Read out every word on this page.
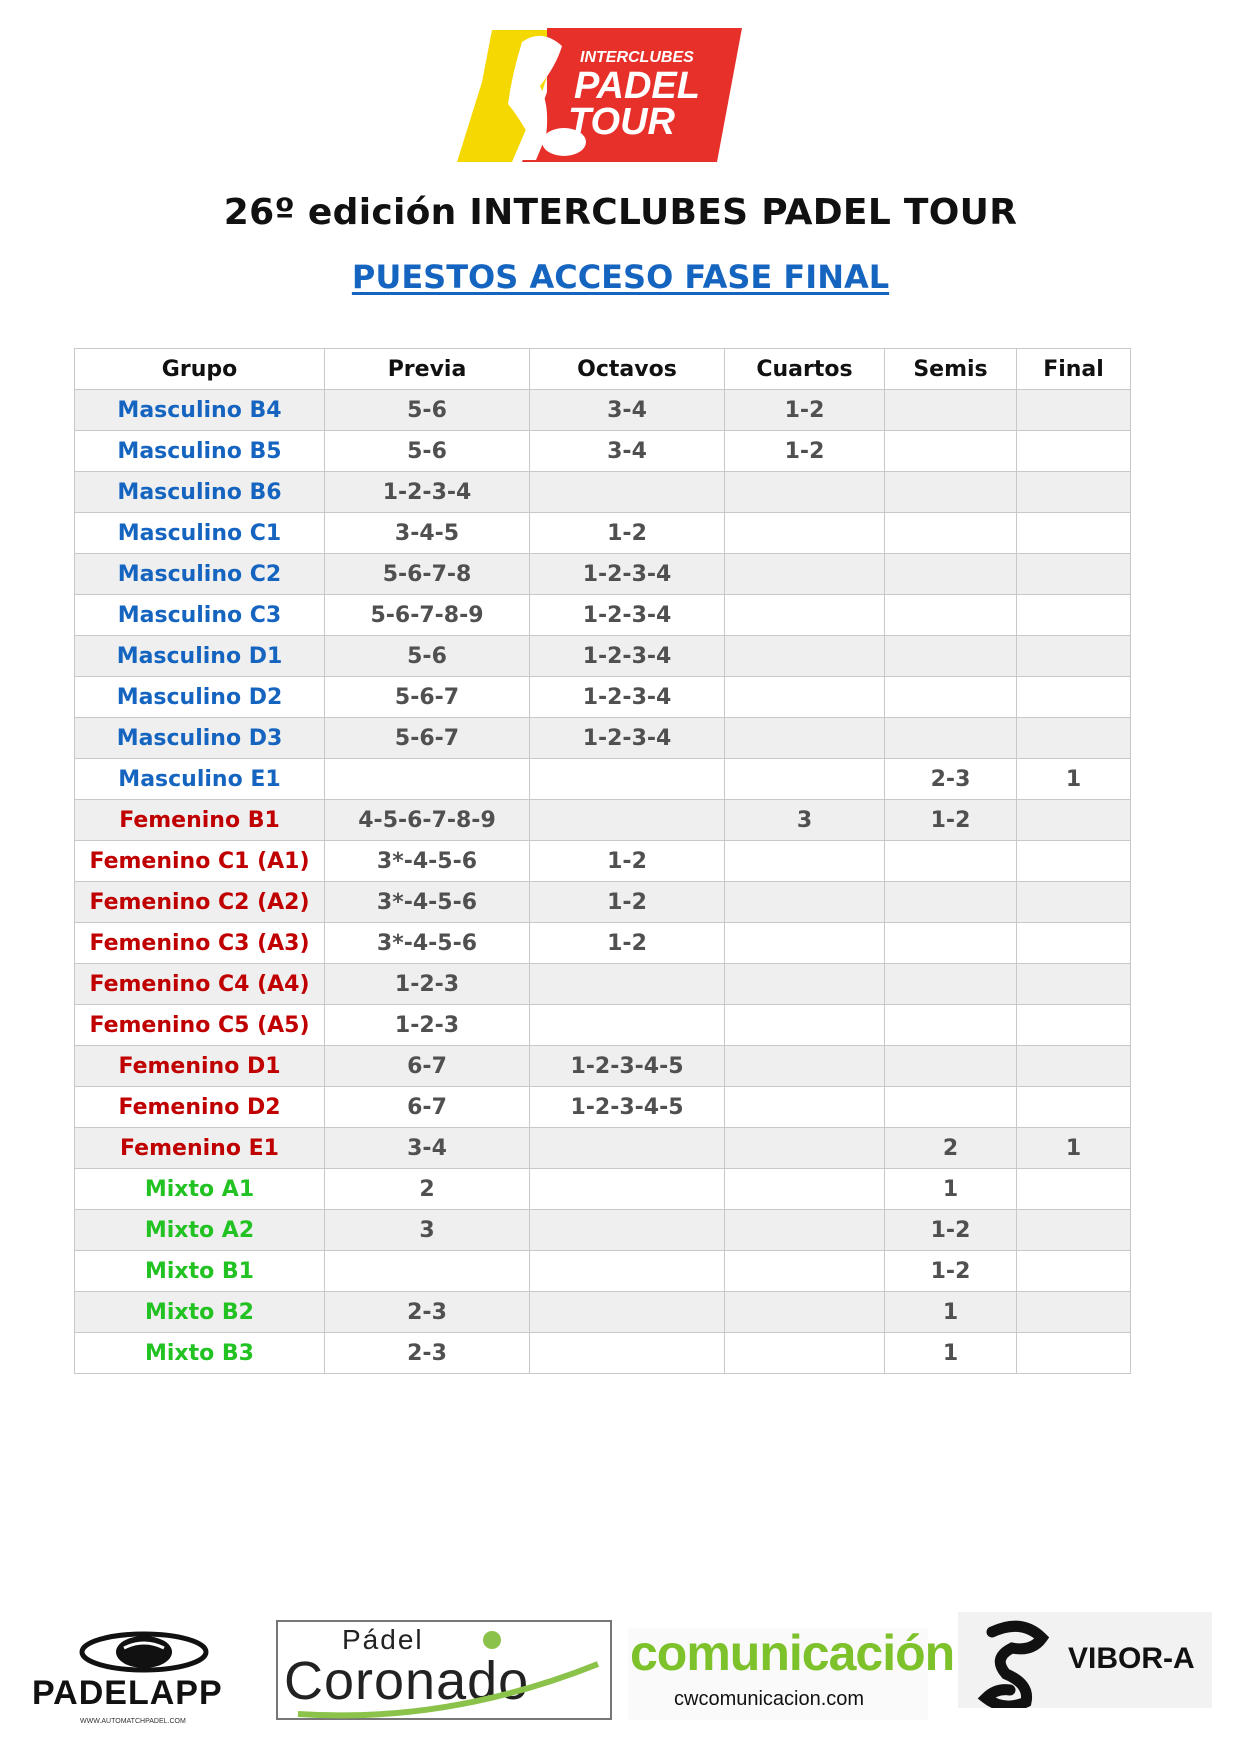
INTERCLUBES
PADEL
TOUR
26º edición INTERCLUBES PADEL TOUR
PUESTOS ACCESO FASE FINAL
Grupo	Previa	Octavos	Cuartos	Semis	Final
Masculino B4	5-6	3-4	1-2		
Masculino B5	5-6	3-4	1-2		
Masculino B6	1-2-3-4				
Masculino C1	3-4-5	1-2			
Masculino C2	5-6-7-8	1-2-3-4			
Masculino C3	5-6-7-8-9	1-2-3-4			
Masculino D1	5-6	1-2-3-4			
Masculino D2	5-6-7	1-2-3-4			
Masculino D3	5-6-7	1-2-3-4			
Masculino E1				2-3	1
Femenino B1	4-5-6-7-8-9		3	1-2	
Femenino C1 (A1)	3*-4-5-6	1-2			
Femenino C2 (A2)	3*-4-5-6	1-2			
Femenino C3 (A3)	3*-4-5-6	1-2			
Femenino C4 (A4)	1-2-3				
Femenino C5 (A5)	1-2-3				
Femenino D1	6-7	1-2-3-4-5			
Femenino D2	6-7	1-2-3-4-5			
Femenino E1	3-4			2	1
Mixto A1	2			1	
Mixto A2	3			1-2	
Mixto B1				1-2	
Mixto B2	2-3			1	
Mixto B3	2-3			1	
PADELAPP
WWW.AUTOMATCHPADEL.COM
Pádel
Coronado comunicación
cwcomunicacion.com
VIBOR-A
